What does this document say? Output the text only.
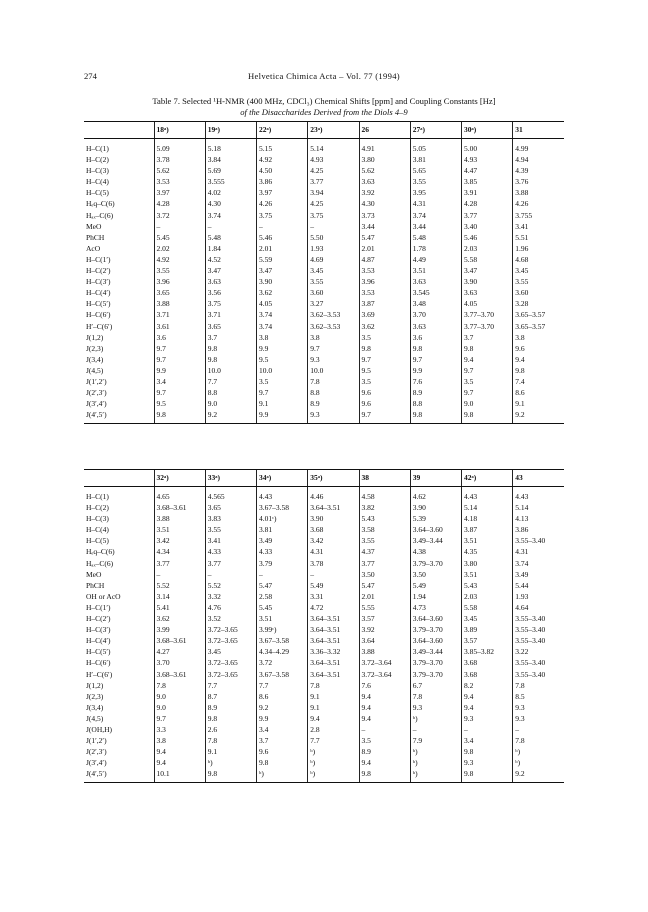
274	Helvetica Chimica Acta – Vol. 77 (1994)
Table 7. Selected ¹H-NMR (400 MHz, CDCl₃) Chemical Shifts [ppm] and Coupling Constants [Hz]
of the Disaccharides Derived from the Diols 4–9
	18ᵃ)	19ᵃ)	22ᵃ)	23ᵃ)	26	27ᵃ)	30ᵃ)	31
H–C(1)	5.09	5.18	5.15	5.14	4.91	5.05	5.00	4.99
H–C(2)	3.78	3.84	4.92	4.93	3.80	3.81	4.93	4.94
H–C(3)	5.62	5.69	4.50	4.25	5.62	5.65	4.47	4.39
H–C(4)	3.53	3.555	3.86	3.77	3.63	3.55	3.85	3.76
H–C(5)	3.97	4.02	3.97	3.94	3.92	3.95	3.91	3.88
Hₑq–C(6)	4.28	4.30	4.26	4.25	4.30	4.31	4.28	4.26
Hₐₓ–C(6)	3.72	3.74	3.75	3.75	3.73	3.74	3.77	3.755
MeO	–	–	–	–	3.44	3.44	3.40	3.41
PhCH	5.45	5.48	5.46	5.50	5.47	5.48	5.46	5.51
AcO	2.02	1.84	2.01	1.93	2.01	1.78	2.03	1.96
H–C(1′)	4.92	4.52	5.59	4.69	4.87	4.49	5.58	4.68
H–C(2′)	3.55	3.47	3.47	3.45	3.53	3.51	3.47	3.45
H–C(3′)	3.96	3.63	3.90	3.55	3.96	3.63	3.90	3.55
H–C(4′)	3.65	3.56	3.62	3.60	3.53	3.545	3.63	3.60
H–C(5′)	3.88	3.75	4.05	3.27	3.87	3.48	4.05	3.28
H–C(6′)	3.71	3.71	3.74	3.62–3.53	3.69	3.70	3.77–3.70	3.65–3.57
H′–C(6′)	3.61	3.65	3.74	3.62–3.53	3.62	3.63	3.77–3.70	3.65–3.57
J(1,2)	3.6	3.7	3.8	3.8	3.5	3.6	3.7	3.8
J(2,3)	9.7	9.8	9.9	9.7	9.8	9.8	9.8	9.6
J(3,4)	9.7	9.8	9.5	9.3	9.7	9.7	9.4	9.4
J(4,5)	9.9	10.0	10.0	10.0	9.5	9.9	9.7	9.8
J(1′,2′)	3.4	7.7	3.5	7.8	3.5	7.6	3.5	7.4
J(2′,3′)	9.7	8.8	9.7	8.8	9.6	8.9	9.7	8.6
J(3′,4′)	9.5	9.0	9.1	8.9	9.6	8.8	9.0	9.1
J(4′,5′)	9.8	9.2	9.9	9.3	9.7	9.8	9.8	9.2
	32ᵃ)	33ᵃ)	34ᵃ)	35ᵃ)	38	39	42ᵃ)	43
H–C(1)	4.65	4.565	4.43	4.46	4.58	4.62	4.43	4.43
H–C(2)	3.68–3.61	3.65	3.67–3.58	3.64–3.51	3.82	3.90	5.14	5.14
H–C(3)	3.88	3.83	4.01ᶜ)	3.90	5.43	5.39	4.18	4.13
H–C(4)	3.51	3.55	3.81	3.68	3.58	3.64–3.60	3.87	3.86
H–C(5)	3.42	3.41	3.49	3.42	3.55	3.49–3.44	3.51	3.55–3.40
Hₑq–C(6)	4.34	4.33	4.33	4.31	4.37	4.38	4.35	4.31
Hₐₓ–C(6)	3.77	3.77	3.79	3.78	3.77	3.79–3.70	3.80	3.74
MeO	–	–	–	–	3.50	3.50	3.51	3.49
PhCH	5.52	5.52	5.47	5.49	5.47	5.49	5.43	5.44
OH or AcO	3.14	3.32	2.58	3.31	2.01	1.94	2.03	1.93
H–C(1′)	5.41	4.76	5.45	4.72	5.55	4.73	5.58	4.64
H–C(2′)	3.62	3.52	3.51	3.64–3.51	3.57	3.64–3.60	3.45	3.55–3.40
H–C(3′)	3.99	3.72–3.65	3.99ᶜ)	3.64–3.51	3.92	3.79–3.70	3.89	3.55–3.40
H–C(4′)	3.68–3.61	3.72–3.65	3.67–3.58	3.64–3.51	3.64	3.64–3.60	3.57	3.55–3.40
H–C(5′)	4.27	3.45	4.34–4.29	3.36–3.32	3.88	3.49–3.44	3.85–3.82	3.22
H–C(6′)	3.70	3.72–3.65	3.72	3.64–3.51	3.72–3.64	3.79–3.70	3.68	3.55–3.40
H′–C(6′)	3.68–3.61	3.72–3.65	3.67–3.58	3.64–3.51	3.72–3.64	3.79–3.70	3.68	3.55–3.40
J(1,2)	7.8	7.7	7.7	7.8	7.6	6.7	8.2	7.8
J(2,3)	9.0	8.7	8.6	9.1	9.4	7.8	9.4	8.5
J(3,4)	9.0	8.9	9.2	9.1	9.4	9.3	9.4	9.3
J(4,5)	9.7	9.8	9.9	9.4	9.4	ᵇ)	9.3	9.3
J(OH,H)	3.3	2.6	3.4	2.8	–	–	–	–
J(1′,2′)	3.8	7.8	3.7	7.7	3.5	7.9	3.4	7.8
J(2′,3′)	9.4	9.1	9.6	ᵇ)	8.9	ᵇ)	9.8	ᵇ)
J(3′,4′)	9.4	ᵇ)	9.8	ᵇ)	9.4	ᵇ)	9.3	ᵇ)
J(4′,5′)	10.1	9.8	ᵇ)	ᵇ)	9.8	ᵇ)	9.8	9.2
